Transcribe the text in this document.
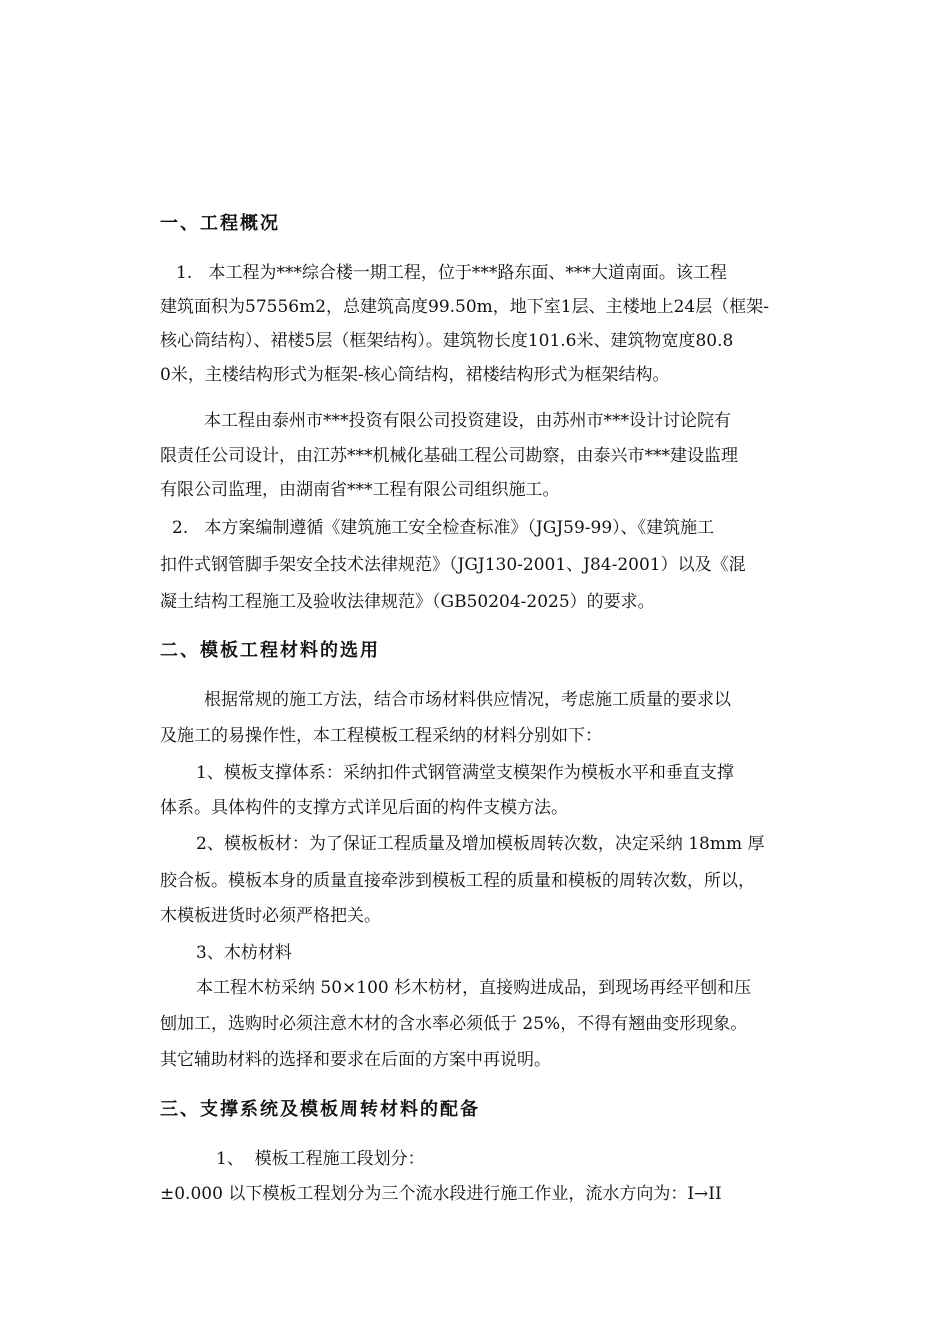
一、工程概况
1.   本工程为***综合楼一期工程，位于***路东面、***大道南面。该工程
建筑面积为57556m2，总建筑高度99.50m，地下室1层、主楼地上24层（框架-
核心筒结构）、裙楼5层（框架结构）。建筑物长度101.6米、建筑物宽度80.8
0米，主楼结构形式为框架-核心筒结构，裙楼结构形式为框架结构。
本工程由泰州市***投资有限公司投资建设，由苏州市***设计讨论院有
限责任公司设计，由江苏***机械化基础工程公司勘察，由泰兴市***建设监理
有限公司监理，由湖南省***工程有限公司组织施工。
2.   本方案编制遵循《建筑施工安全检查标准》（JGJ59-99）、《建筑施工
扣件式钢管脚手架安全技术法律规范》（JGJ130-2001、J84-2001）以及《混
凝土结构工程施工及验收法律规范》（GB50204-2025）的要求。
二、模板工程材料的选用
根据常规的施工方法，结合市场材料供应情况，考虑施工质量的要求以
及施工的易操作性，本工程模板工程采纳的材料分别如下：
1、模板支撑体系：采纳扣件式钢管满堂支模架作为模板水平和垂直支撑
体系。具体构件的支撑方式详见后面的构件支模方法。
2、模板板材：为了保证工程质量及增加模板周转次数，决定采纳 18mm 厚
胶合板。模板本身的质量直接牵涉到模板工程的质量和模板的周转次数，所以，
木模板进货时必须严格把关。
3、木枋材料
本工程木枋采纳 50×100 杉木枋材，直接购进成品，到现场再经平刨和压
刨加工，选购时必须注意木材的含水率必须低于 25%，不得有翘曲变形现象。
其它辅助材料的选择和要求在后面的方案中再说明。
三、支撑系统及模板周转材料的配备
1、  模板工程施工段划分：
±0.000 以下模板工程划分为三个流水段进行施工作业，流水方向为：I→II
